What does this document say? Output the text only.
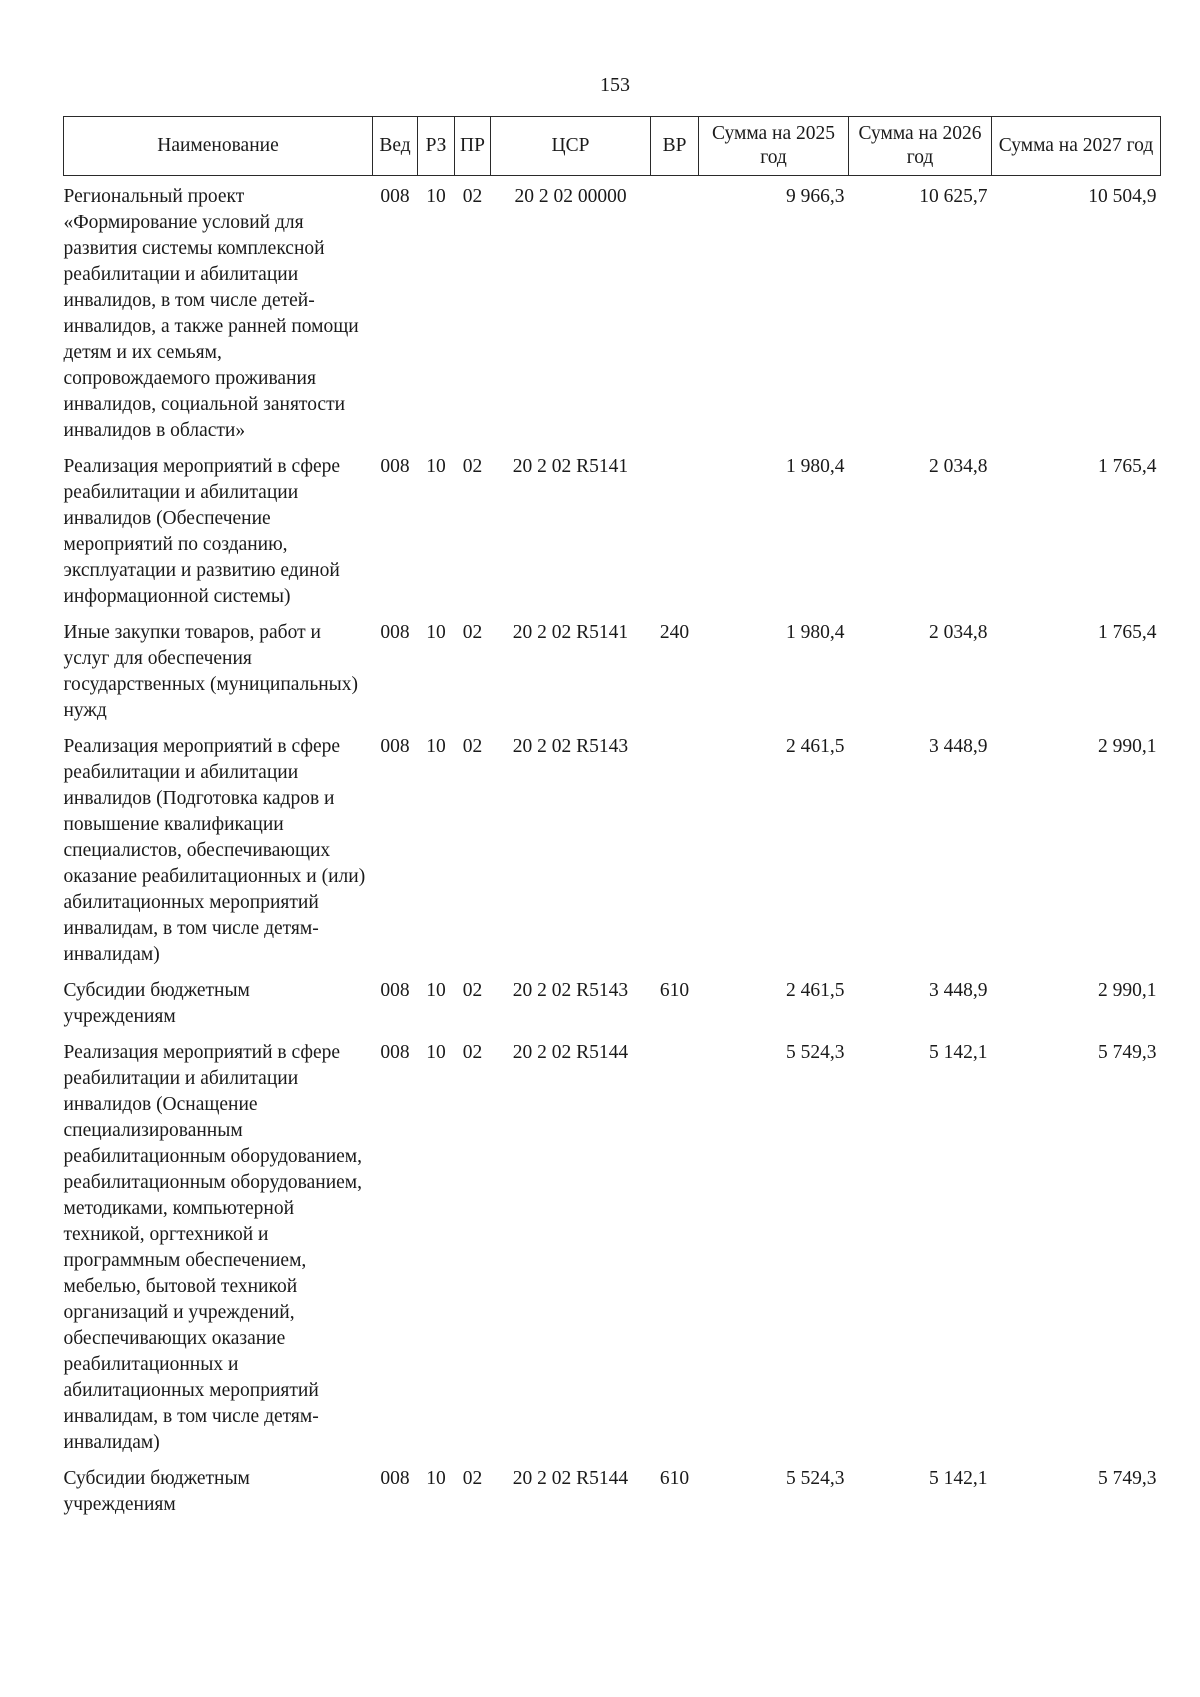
153
Наименование	Вед	РЗ	ПР	ЦСР	ВР	Сумма на 2025 год	Сумма на 2026 год	Сумма на 2027 год
Региональный проект «Формирование условий для развития системы комплексной реабилитации и абилитации инвалидов, в том числе детей-инвалидов, а также ранней помощи детям и их семьям, сопровождаемого проживания инвалидов, социальной занятости инвалидов в области»	008	10	02	20 2 02 00000		9 966,3	10 625,7	10 504,9
Реализация мероприятий в сфере реабилитации и абилитации инвалидов (Обеспечение мероприятий по созданию, эксплуатации и развитию единой информационной системы)	008	10	02	20 2 02 R5141		1 980,4	2 034,8	1 765,4
Иные закупки товаров, работ и услуг для обеспечения государственных (муниципальных) нужд	008	10	02	20 2 02 R5141	240	1 980,4	2 034,8	1 765,4
Реализация мероприятий в сфере реабилитации и абилитации инвалидов (Подготовка кадров и повышение квалификации специалистов, обеспечивающих оказание реабилитационных и (или) абилитационных мероприятий инвалидам, в том числе детям-инвалидам)	008	10	02	20 2 02 R5143		2 461,5	3 448,9	2 990,1
Субсидии бюджетным учреждениям	008	10	02	20 2 02 R5143	610	2 461,5	3 448,9	2 990,1
Реализация мероприятий в сфере реабилитации и абилитации инвалидов (Оснащение специализированным реабилитационным оборудованием, реабилитационным оборудованием, методиками, компьютерной техникой, оргтехникой и программным обеспечением, мебелью, бытовой техникой организаций и учреждений, обеспечивающих оказание реабилитационных и абилитационных мероприятий инвалидам, в том числе детям-инвалидам)	008	10	02	20 2 02 R5144		5 524,3	5 142,1	5 749,3
Субсидии бюджетным учреждениям	008	10	02	20 2 02 R5144	610	5 524,3	5 142,1	5 749,3
